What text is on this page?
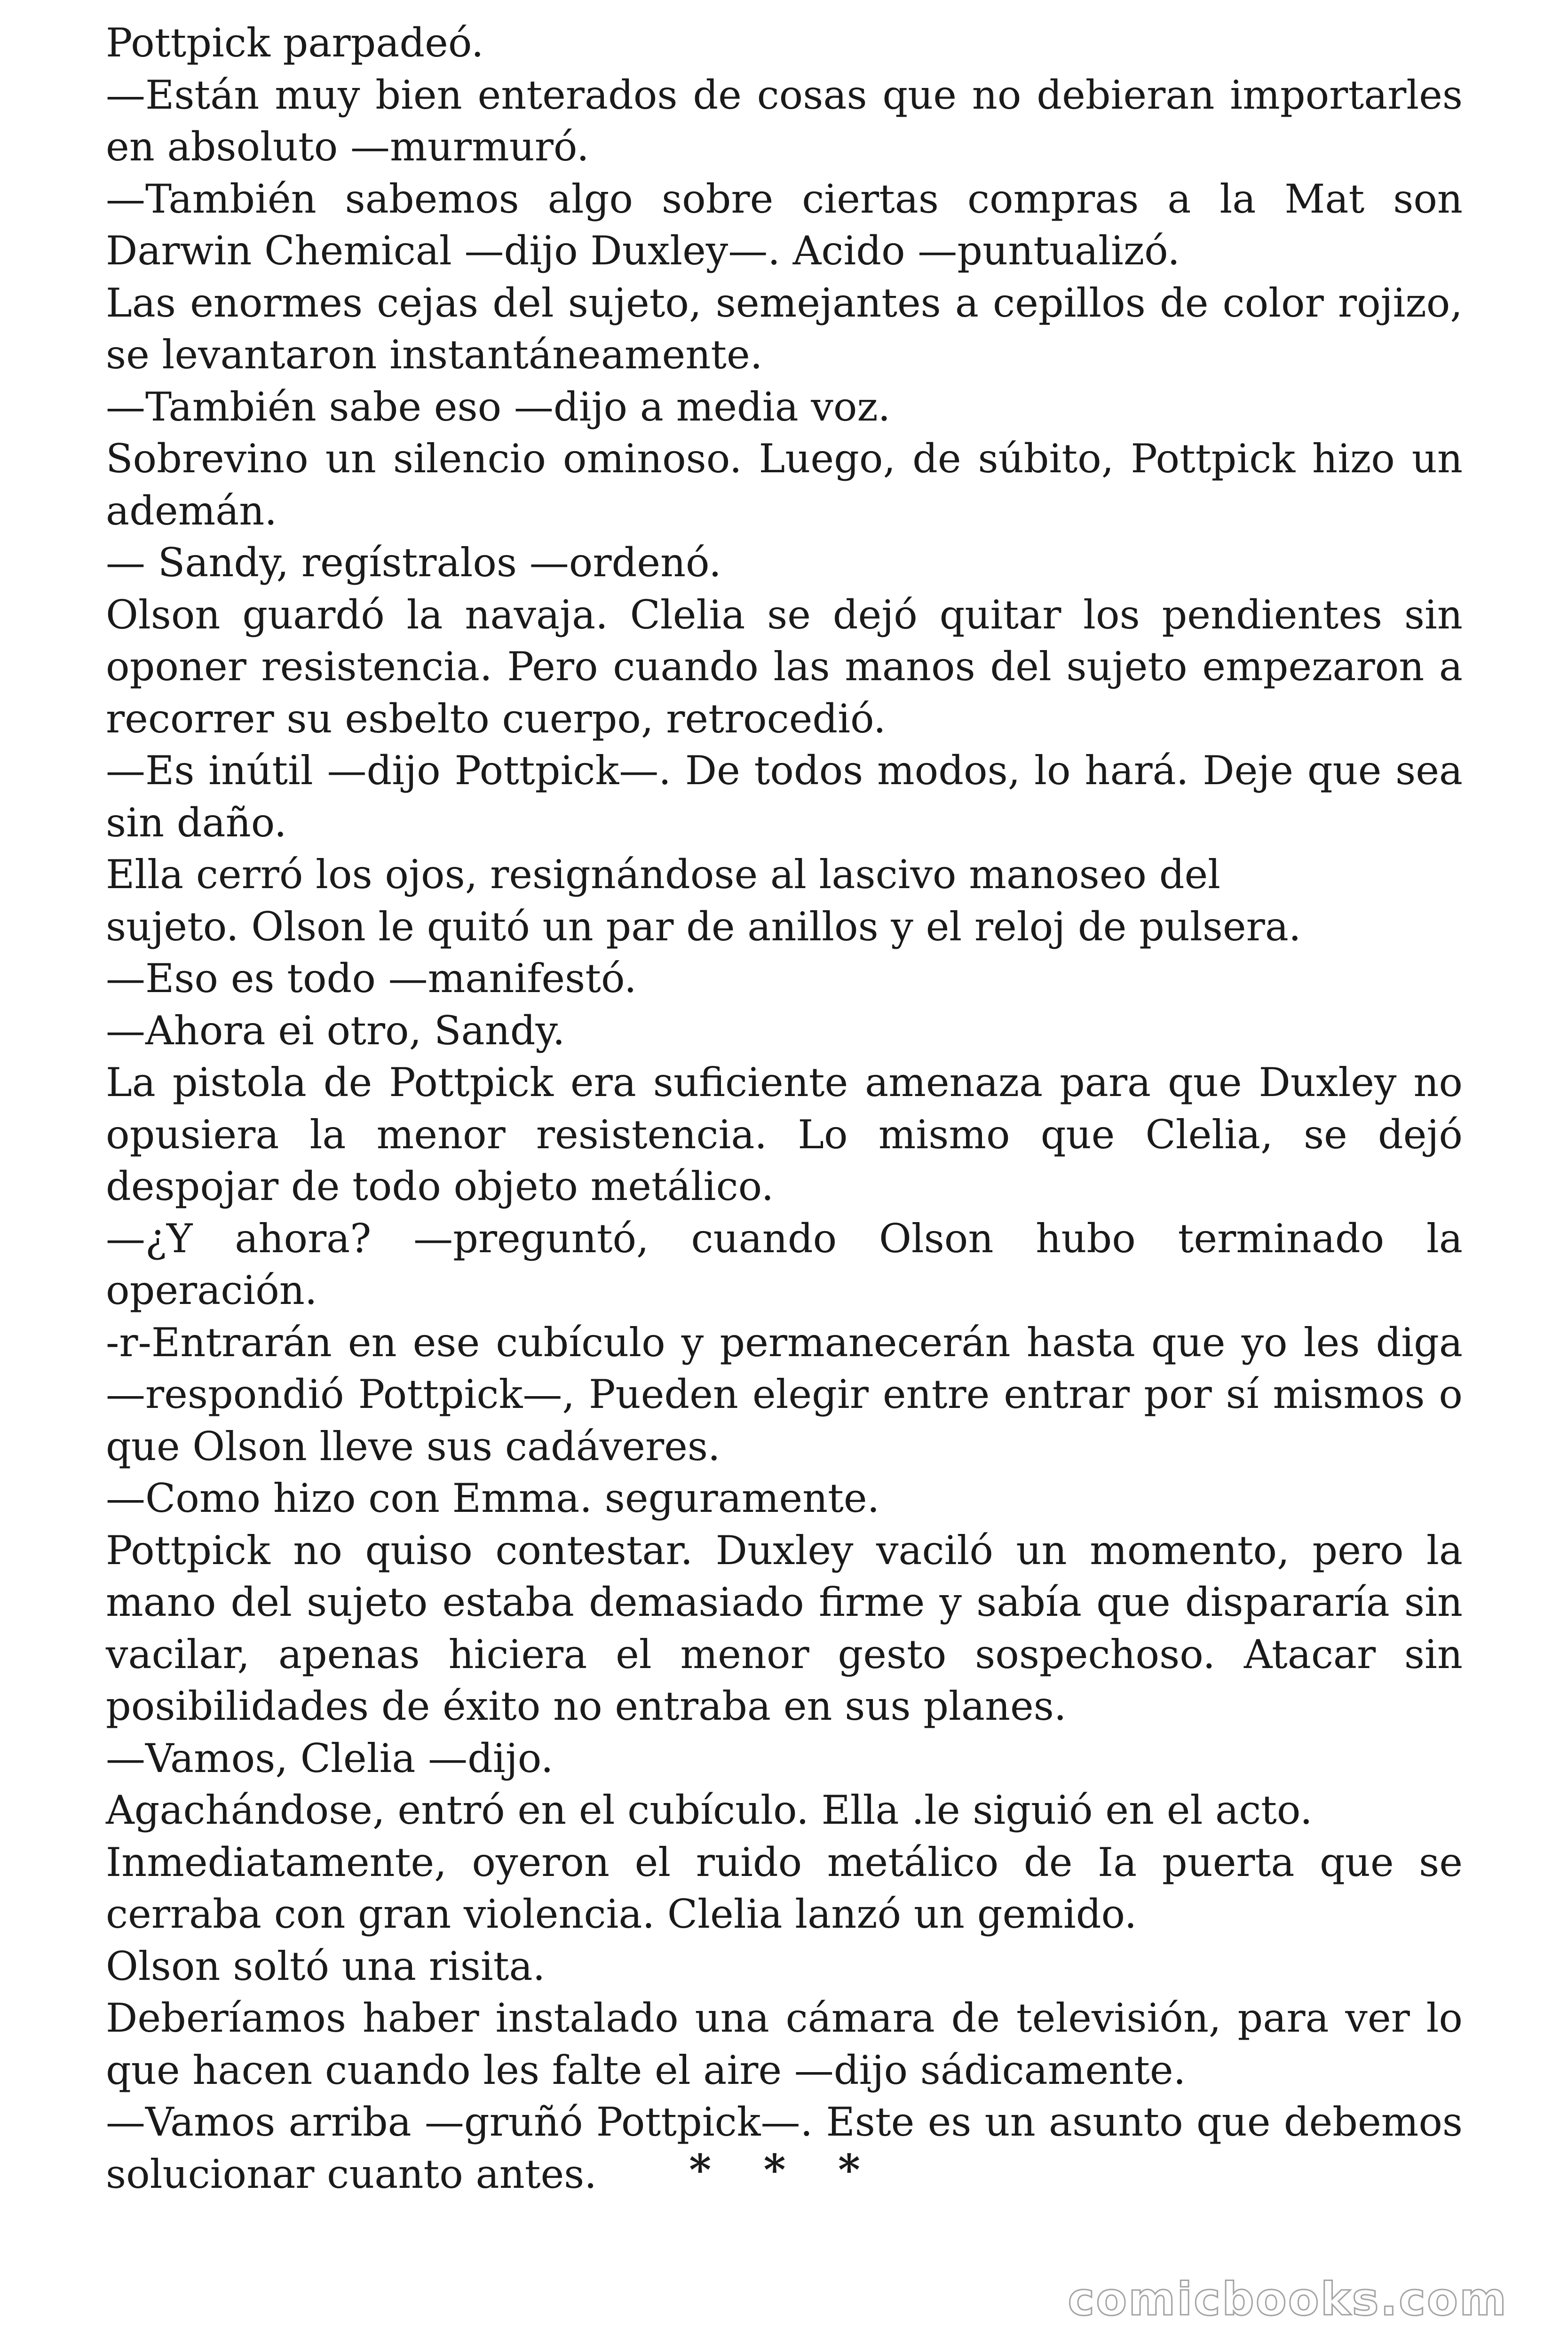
Pottpick parpadeó.

—Están muy bien enterados de cosas que no debieran importarles en absoluto —murmuró.

—También sabemos algo sobre ciertas compras a la Mat son Darwin Chemical —dijo Duxley—. Acido —puntualizó.

Las enormes cejas del sujeto, semejantes a cepillos de color rojizo, se levantaron instantáneamente.

—También sabe eso —dijo a media voz.

Sobrevino un silencio ominoso. Luego, de súbito, Pottpick hizo un ademán.

— Sandy, regístralos —ordenó.

Olson guardó la navaja. Clelia se dejó quitar los pendientes sin oponer resistencia. Pero cuando las manos del sujeto empezaron a recorrer su esbelto cuerpo, retrocedió.

—Es inútil —dijo Pottpick—. De todos modos, lo hará. Deje que sea sin daño.

Ella cerró los ojos, resignándose al lascivo manoseo del

sujeto. Olson le quitó un par de anillos y el reloj de pulsera.

—Eso es todo —manifestó.

—Ahora ei otro, Sandy.

La pistola de Pottpick era suficiente amenaza para que Duxley no opusiera la menor resistencia. Lo mismo que Clelia, se dejó despojar de todo objeto metálico.

—¿Y ahora? —preguntó, cuando Olson hubo terminado la operación.

-r-Entrarán en ese cubículo y permanecerán hasta que yo les diga —respondió Pottpick—, Pueden elegir entre entrar por sí mismos o que Olson lleve sus cadáveres.

—Como hizo con Emma. seguramente.

Pottpick no quiso contestar. Duxley vaciló un momento, pero la mano del sujeto estaba demasiado firme y sabía que dispararía sin vacilar, apenas hiciera el menor gesto sospechoso. Atacar sin posibilidades de éxito no entraba en sus planes.

—Vamos, Clelia —dijo.

Agachándose, entró en el cubículo. Ella .le siguió en el acto.

Inmediatamente, oyeron el ruido metálico de Ia puerta que se cerraba con gran violencia. Clelia lanzó un gemido.

Olson soltó una risita.

Deberíamos haber instalado una cámara de televisión, para ver lo que hacen cuando les falte el aire —dijo sádicamente.

—Vamos arriba —gruñó Pottpick—. Este es un asunto que debemos solucionar cuanto antes.	* * *
comicbooks.com
